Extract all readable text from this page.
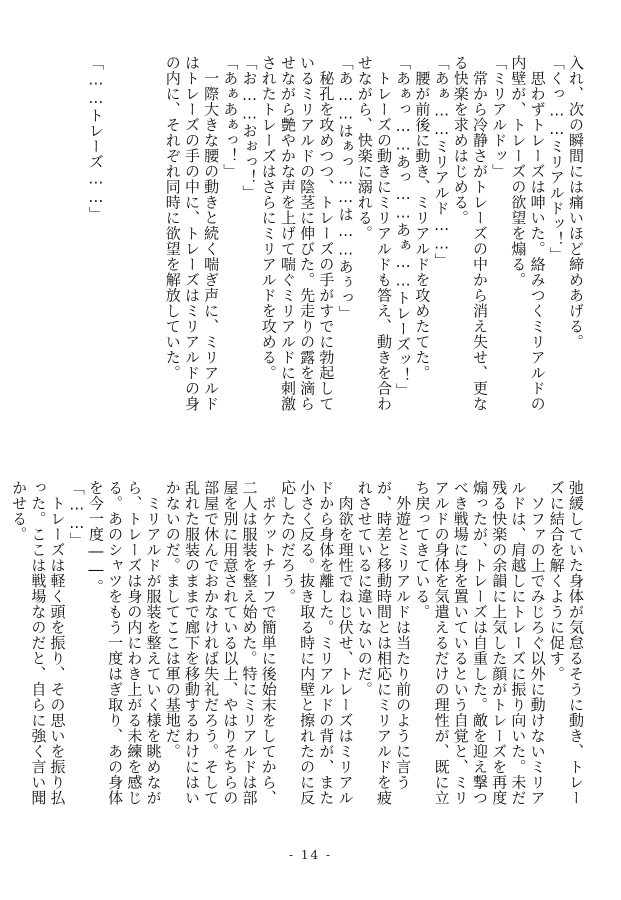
入れ、次の瞬間には痛いほど締めあげる。
「くっ……ミリアルドッ！」
　思わずトレーズは呻いた。絡みつくミリアルドの内壁が、トレーズの欲望を煽る。
「ミリアルドッ」
　常から冷静さがトレーズの中から消え失せ、更なる快楽を求めはじめる。
「あぁ……ミリアルド……」
　腰が前後に動き、ミリアルドを攻めたてた。
「あぁっ……あっ……あぁ……トレーズッ！」
　トレーズの動きにミリアルドも答え、動きを合わせながら、快楽に溺れる。
「あ……はぁっ……は……あぅっ」
　秘孔を攻めつつ、トレーズの手がすでに勃起しているミリアルドの陰茎に伸びた。先走りの露を滴らせながら艶やかな声を上げて喘ぐミリアルドに刺激されたトレーズはさらにミリアルドを攻める。
「お……おぉっ！」
「あぁあぁっ！」
　一際大きな腰の動きと続く喘ぎ声に、ミリアルドはトレーズの手の中に、トレーズはミリアルドの身の内に、それぞれ同時に欲望を解放していた。

「……トレーズ……」
弛緩していた身体が気怠るそうに動き、トレーズに結合を解くように促す。
　ソファの上でみじろぐ以外に動けないミリアルドは、肩越しにトレーズに振り向いた。未だ残る快楽の余韻に上気した顔がトレーズを再度煽ったが、トレーズは自重した。敵を迎え撃つべき戦場に身を置いているという自覚と、ミリアルドの身体を気遣えるだけの理性が、既に立ち戻ってきている。
　外遊とミリアルドは当たり前のように言うが、時差と移動時間とは相応にミリアルドを疲れさせているに違いないのだ。
　肉欲を理性でねじ伏せ、トレーズはミリアルドから身体を離した。ミリアルドの背が、また小さく反る。抜き取る時に内壁と擦れたのに反応したのだろう。
　ポケットチーフで簡単に後始末をしてから、二人は服装を整え始めた。特にミリアルドは部屋を別に用意されている以上、やはりそちらの部屋で休んでおかなければ失礼だろう。そして乱れた服装のままで廊下を移動するわけにはいかないのだ。ましてここは軍の基地だ。
　ミリアルドが服装を整えていく様を眺めながら、トレーズは身の内にわき上がる未練を感じる。あのシャツをもう一度はぎ取り、あの身体を今一度――。
「……」
　トレーズは軽く頭を振り、その思いを振り払った。ここは戦場なのだと、自らに強く言い聞かせる。
- 14 -
